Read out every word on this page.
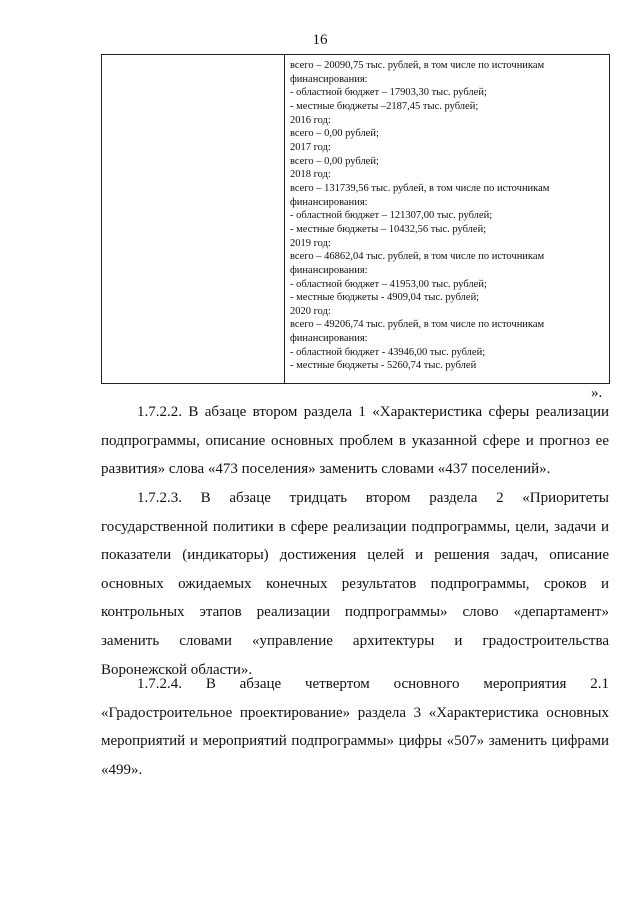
16

всего – 20090,75 тыс. рублей, в том числе по источникам
финансирования:
- областной бюджет – 17903,30 тыс. рублей;
- местные бюджеты –2187,45 тыс. рублей;
2016 год:
всего – 0,00 рублей;
2017 год:
всего – 0,00 рублей;
2018 год:
всего – 131739,56 тыс. рублей, в том числе по источникам
финансирования:
- областной бюджет – 121307,00 тыс. рублей;
- местные бюджеты – 10432,56 тыс. рублей;
2019 год:
всего – 46862,04 тыс. рублей, в том числе по источникам
финансирования:
- областной бюджет – 41953,00 тыс. рублей;
- местные бюджеты - 4909,04 тыс. рублей;
2020 год:
всего – 49206,74 тыс. рублей, в том числе по источникам
финансирования:
- областной бюджет - 43946,00 тыс. рублей;
- местные бюджеты - 5260,74 тыс. рублей
».

1.7.2.2. В абзаце втором раздела 1 «Характеристика сферы реализации
подпрограммы, описание основных проблем в указанной сфере и прогноз ее
развития» слова «473 поселения» заменить словами «437 поселений».

1.7.2.3. В абзаце тридцать втором раздела 2 «Приоритеты
государственной политики в сфере реализации подпрограммы, цели, задачи и
показатели (индикаторы) достижения целей и решения задач, описание
основных ожидаемых конечных результатов подпрограммы, сроков и
контрольных этапов реализации подпрограммы» слово «департамент»
заменить словами «управление архитектуры и градостроительства
Воронежской области».

1.7.2.4. В абзаце четвертом основного мероприятия 2.1
«Градостроительное проектирование» раздела 3 «Характеристика основных
мероприятий и мероприятий подпрограммы» цифры «507» заменить цифрами
«499».
